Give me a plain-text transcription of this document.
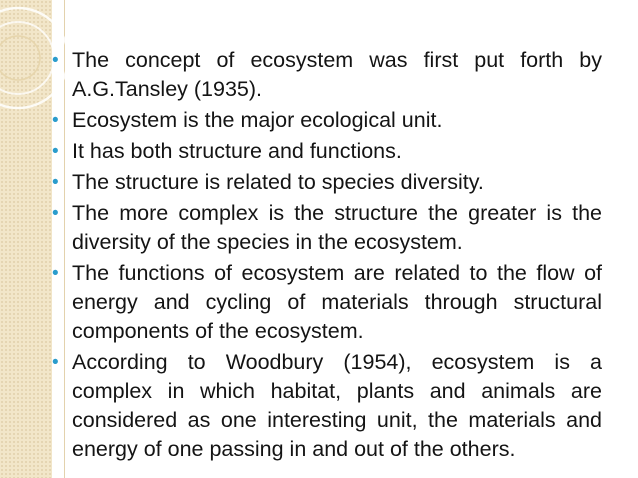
• The concept of ecosystem was first put forth by A.G.Tansley (1935).
• Ecosystem is the major ecological unit.
• It has both structure and functions.
• The structure is related to species diversity.
• The more complex is the structure the greater is the diversity of the species in the ecosystem.
• The functions of ecosystem are related to the flow of energy and cycling of materials through structural components of the ecosystem.
• According to Woodbury (1954), ecosystem is a complex in which habitat, plants and animals are considered as one interesting unit, the materials and energy of one passing in and out of the others.
